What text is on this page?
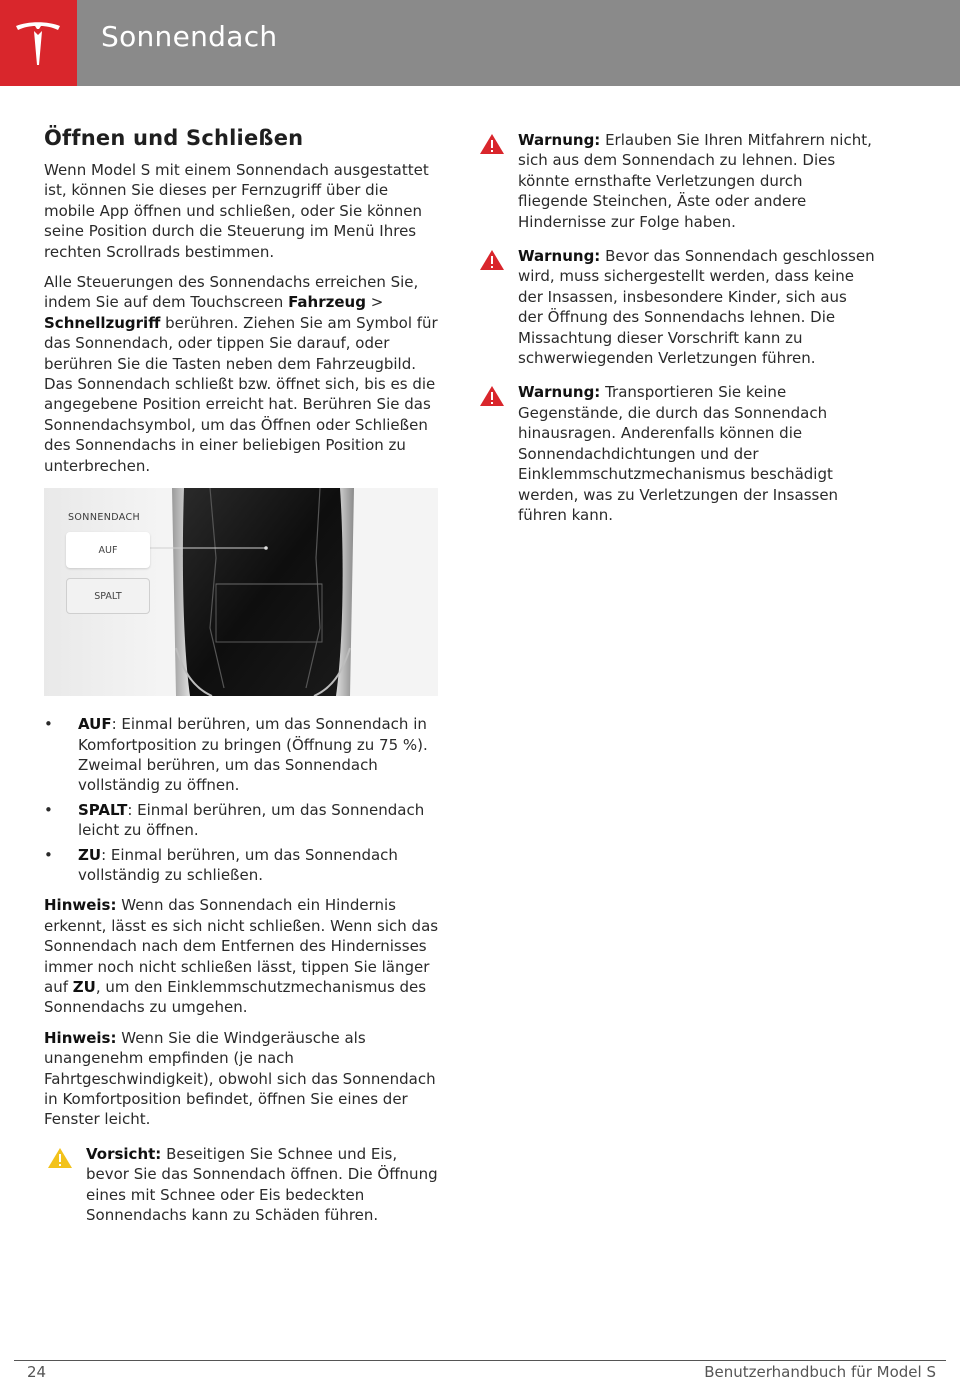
Sonnendach
Öffnen und Schließen

Wenn Model S mit einem Sonnendach ausgestattet ist, können Sie dieses per Fernzugriff über die mobile App öffnen und schließen, oder Sie können seine Position durch die Steuerung im Menü Ihres rechten Scrollrads bestimmen.

Alle Steuerungen des Sonnendachs erreichen Sie, indem Sie auf dem Touchscreen Fahrzeug > Schnellzugriff berühren. Ziehen Sie am Symbol für das Sonnendach, oder tippen Sie darauf, oder berühren Sie die Tasten neben dem Fahrzeugbild. Das Sonnendach schließt bzw. öffnet sich, bis es die angegebene Position erreicht hat. Berühren Sie das Sonnendachsymbol, um das Öffnen oder Schließen des Sonnendachs in einer beliebigen Position zu unterbrechen.

SONNENDACH
AUF
SPALT
• AUF: Einmal berühren, um das Sonnendach in Komfortposition zu bringen (Öffnung zu 75 %). Zweimal berühren, um das Sonnendach vollständig zu öffnen.
• SPALT: Einmal berühren, um das Sonnendach leicht zu öffnen.
• ZU: Einmal berühren, um das Sonnendach vollständig zu schließen.

Hinweis: Wenn das Sonnendach ein Hindernis erkennt, lässt es sich nicht schließen. Wenn sich das Sonnendach nach dem Entfernen des Hindernisses immer noch nicht schließen lässt, tippen Sie länger auf ZU, um den Einklemmschutzmechanismus des Sonnendachs zu umgehen.

Hinweis: Wenn Sie die Windgeräusche als unangenehm empfinden (je nach Fahrtgeschwindigkeit), obwohl sich das Sonnendach in Komfortposition befindet, öffnen Sie eines der Fenster leicht.

Vorsicht: Beseitigen Sie Schnee und Eis, bevor Sie das Sonnendach öffnen. Die Öffnung eines mit Schnee oder Eis bedeckten Sonnendachs kann zu Schäden führen.
Warnung: Erlauben Sie Ihren Mitfahrern nicht, sich aus dem Sonnendach zu lehnen. Dies könnte ernsthafte Verletzungen durch fliegende Steinchen, Äste oder andere Hindernisse zur Folge haben.
Warnung: Bevor das Sonnendach geschlossen wird, muss sichergestellt werden, dass keine der Insassen, insbesondere Kinder, sich aus der Öffnung des Sonnendachs lehnen. Die Missachtung dieser Vorschrift kann zu schwerwiegenden Verletzungen führen.
Warnung: Transportieren Sie keine Gegenstände, die durch das Sonnendach hinausragen. Anderenfalls können die Sonnendachdichtungen und der Einklemmschutzmechanismus beschädigt werden, was zu Verletzungen der Insassen führen kann.
24	Benutzerhandbuch für Model S
